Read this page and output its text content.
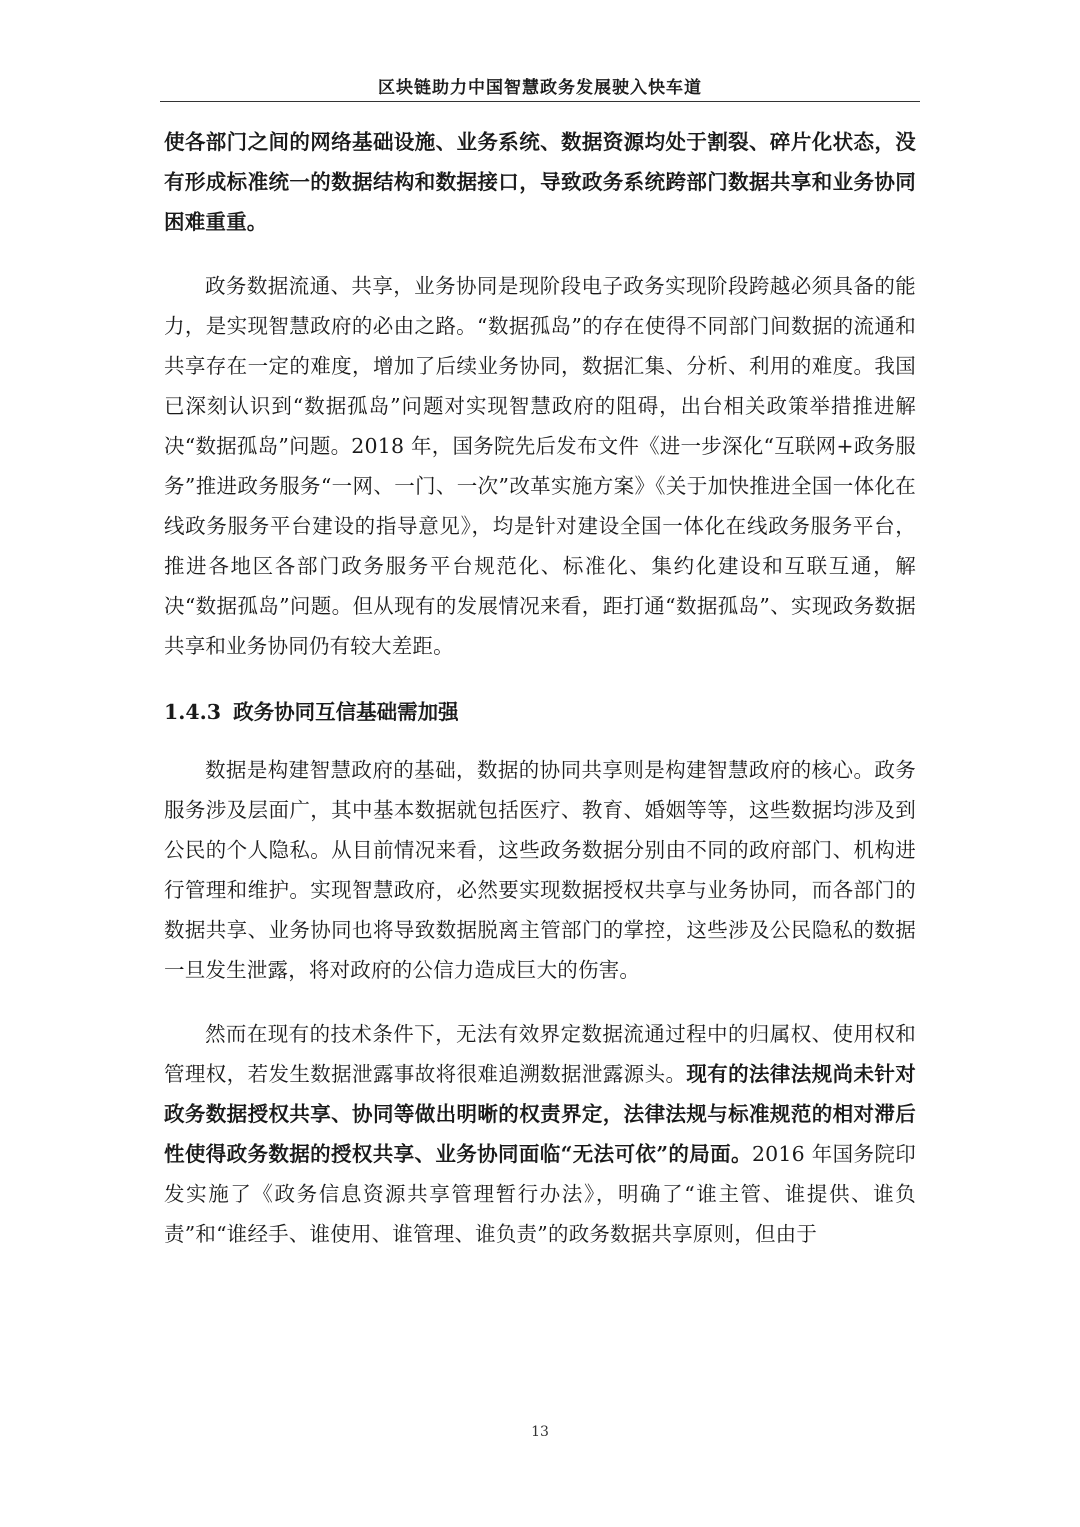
区块链助力中国智慧政务发展驶入快车道

使各部门之间的网络基础设施、业务系统、数据资源均处于割裂、碎片化状态，没有形成标准统一的数据结构和数据接口，导致政务系统跨部门数据共享和业务协同困难重重。

政务数据流通、共享，业务协同是现阶段电子政务实现阶段跨越必须具备的能力，是实现智慧政府的必由之路。“数据孤岛”的存在使得不同部门间数据的流通和共享存在一定的难度，增加了后续业务协同，数据汇集、分析、利用的难度。我国已深刻认识到“数据孤岛”问题对实现智慧政府的阻碍，出台相关政策举措推进解决“数据孤岛”问题。2018 年，国务院先后发布文件《进一步深化“互联网+政务服务”推进政务服务“一网、一门、一次”改革实施方案》《关于加快推进全国一体化在线政务服务平台建设的指导意见》，均是针对建设全国一体化在线政务服务平台，推进各地区各部门政务服务平台规范化、标准化、集约化建设和互联互通，解决“数据孤岛”问题。但从现有的发展情况来看，距打通“数据孤岛”、实现政务数据共享和业务协同仍有较大差距。

1.4.3 政务协同互信基础需加强

数据是构建智慧政府的基础，数据的协同共享则是构建智慧政府的核心。政务服务涉及层面广，其中基本数据就包括医疗、教育、婚姻等等，这些数据均涉及到公民的个人隐私。从目前情况来看，这些政务数据分别由不同的政府部门、机构进行管理和维护。实现智慧政府，必然要实现数据授权共享与业务协同，而各部门的数据共享、业务协同也将导致数据脱离主管部门的掌控，这些涉及公民隐私的数据一旦发生泄露，将对政府的公信力造成巨大的伤害。

然而在现有的技术条件下，无法有效界定数据流通过程中的归属权、使用权和管理权，若发生数据泄露事故将很难追溯数据泄露源头。现有的法律法规尚未针对政务数据授权共享、协同等做出明晰的权责界定，法律法规与标准规范的相对滞后性使得政务数据的授权共享、业务协同面临“无法可依”的局面。2016 年国务院印发实施了《政务信息资源共享管理暂行办法》，明确了“谁主管、谁提供、谁负责”和“谁经手、谁使用、谁管理、谁负责”的政务数据共享原则，但由于

13
